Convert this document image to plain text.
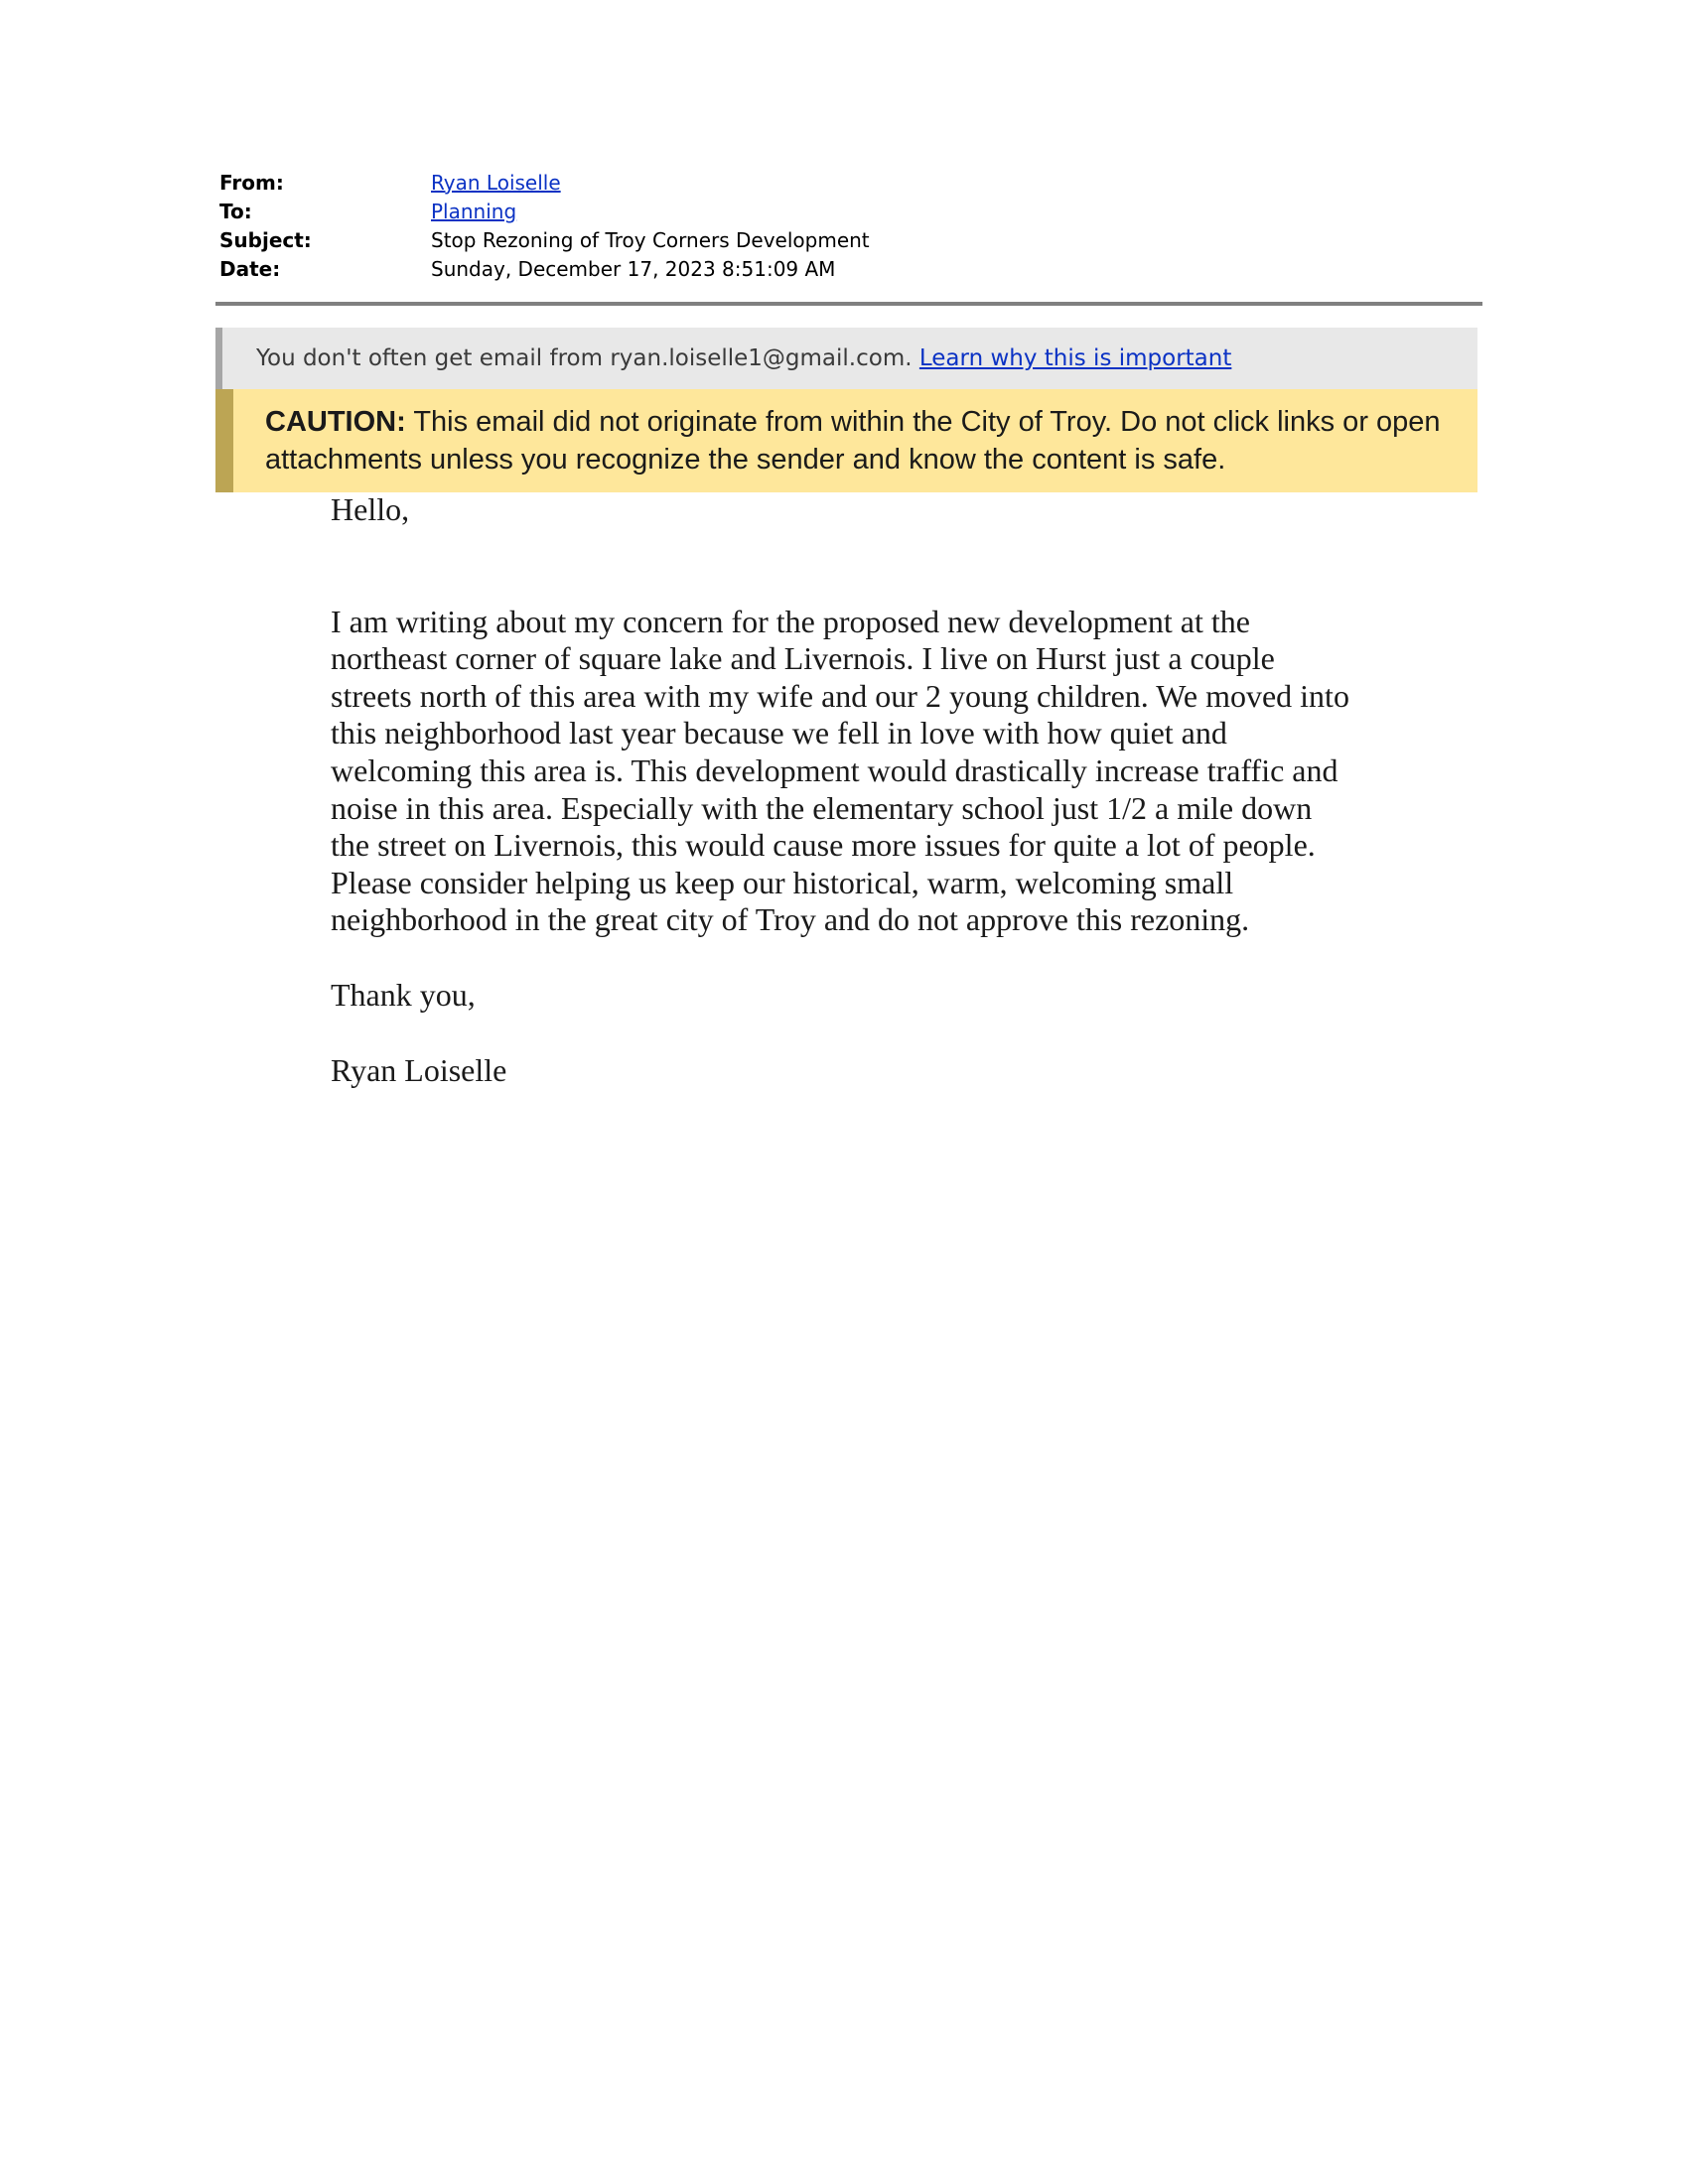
From:	Ryan Loiselle
To:	Planning
Subject:	Stop Rezoning of Troy Corners Development
Date:	Sunday, December 17, 2023 8:51:09 AM
You don't often get email from ryan.loiselle1@gmail.com. Learn why this is important
CAUTION: This email did not originate from within the City of Troy. Do not click links or open attachments unless you recognize the sender and know the content is safe.

Hello,

I am writing about my concern for the proposed new development at the northeast corner of square lake and Livernois. I live on Hurst just a couple streets north of this area with my wife and our 2 young children. We moved into this neighborhood last year because we fell in love with how quiet and welcoming this area is. This development would drastically increase traffic and noise in this area. Especially with the elementary school just 1/2 a mile down the street on Livernois, this would cause more issues for quite a lot of people. Please consider helping us keep our historical, warm, welcoming small neighborhood in the great city of Troy and do not approve this rezoning.

Thank you,

Ryan Loiselle
